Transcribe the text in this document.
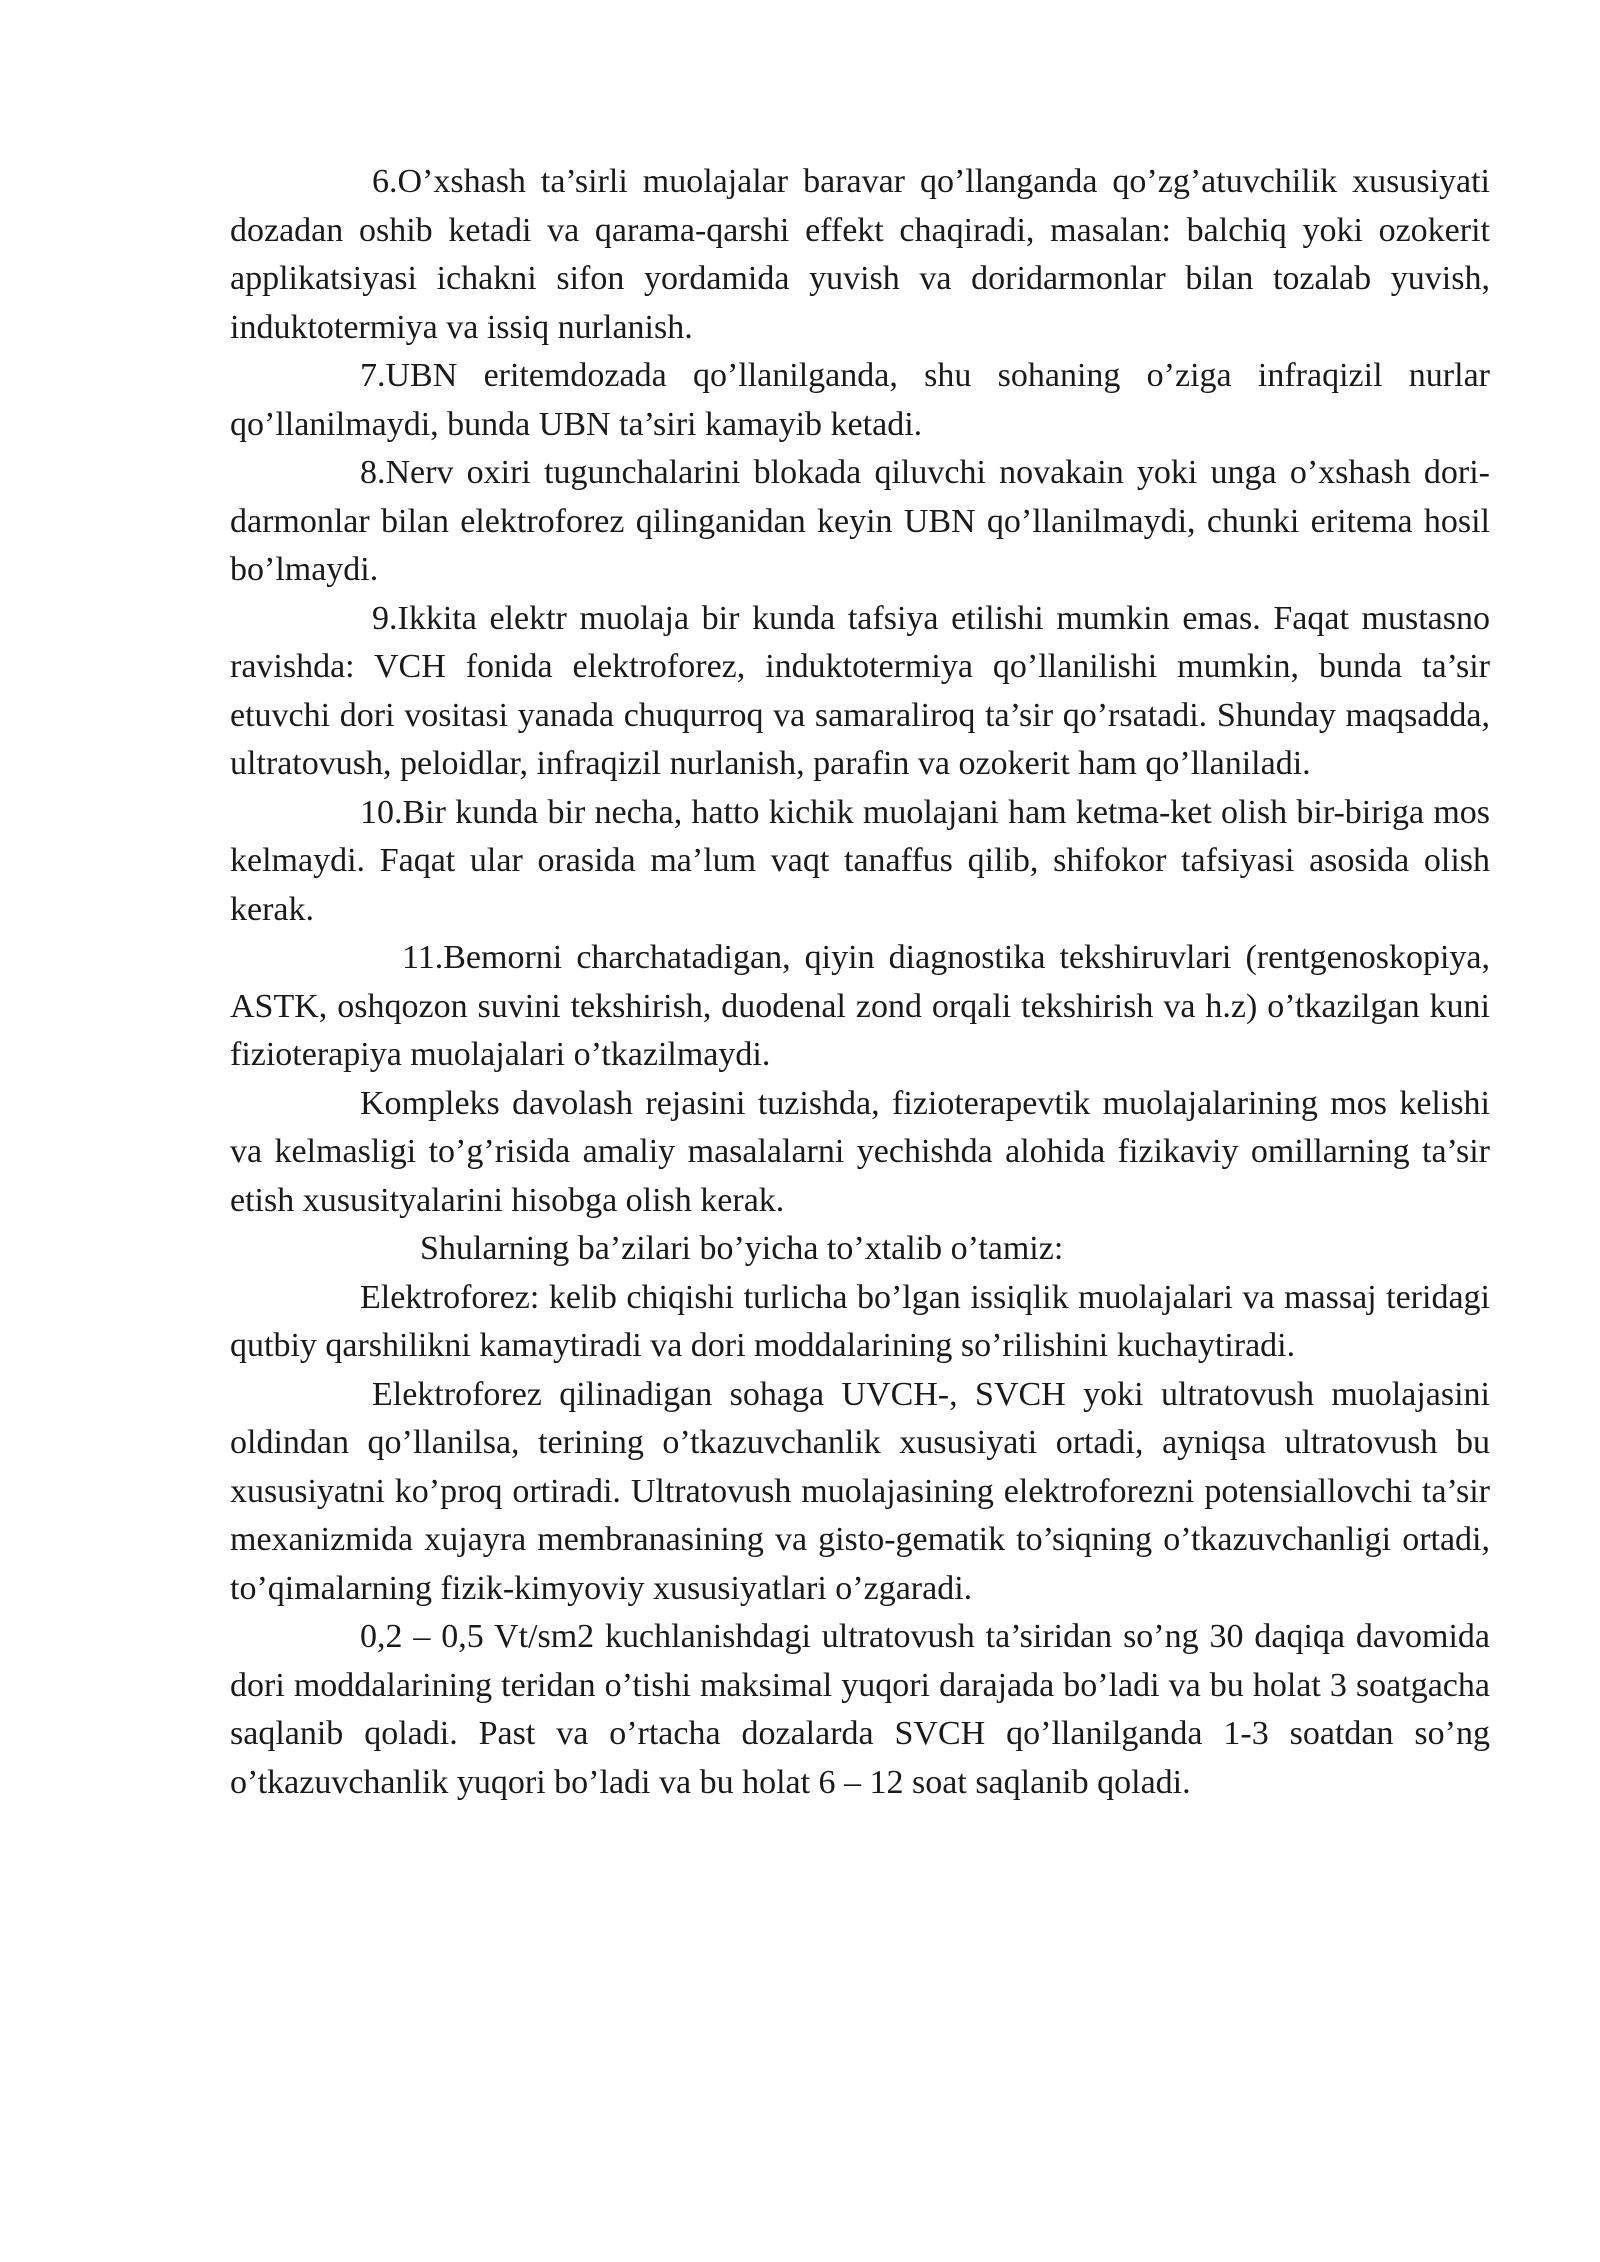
6.O’xshash ta’sirli muolajalar baravar qo’llanganda qo’zg’atuvchilik xususiyati dozadan oshib ketadi va qarama-qarshi effekt chaqiradi, masalan: balchiq yoki ozokerit applikatsiyasi ichakni sifon yordamida yuvish va doridarmonlar bilan tozalab yuvish, induktotermiya va issiq nurlanish.

7.UBN eritemdozada qo’llanilganda, shu sohaning o’ziga infraqizil nurlar qo’llanilmaydi, bunda UBN ta’siri kamayib ketadi.

8.Nerv oxiri tugunchalarini blokada qiluvchi novakain yoki unga o’xshash dori-darmonlar bilan elektroforez qilinganidan keyin UBN qo’llanilmaydi, chunki eritema hosil bo’lmaydi.

9.Ikkita elektr muolaja bir kunda tafsiya etilishi mumkin emas. Faqat mustasno ravishda: VCH fonida elektroforez, induktotermiya qo’llanilishi mumkin, bunda ta’sir etuvchi dori vositasi yanada chuqurroq va samaraliroq ta’sir qo’rsatadi. Shunday maqsadda, ultratovush, peloidlar, infraqizil nurlanish, parafin va ozokerit ham qo’llaniladi.

10.Bir kunda bir necha, hatto kichik muolajani ham ketma-ket olish bir-biriga mos kelmaydi. Faqat ular orasida ma’lum vaqt tanaffus qilib, shifokor tafsiyasi asosida olish kerak.

11.Bemorni charchatadigan, qiyin diagnostika tekshiruvlari (rentgenoskopiya, ASTK, oshqozon suvini tekshirish, duodenal zond orqali tekshirish va h.z) o’tkazilgan kuni fizioterapiya muolajalari o’tkazilmaydi.

Kompleks davolash rejasini tuzishda, fizioterapevtik muolajalarining mos kelishi va kelmasligi to’g’risida amaliy masalalarni yechishda alohida fizikaviy omillarning ta’sir etish xususityalarini hisobga olish kerak.

Shularning ba’zilari bo’yicha to’xtalib o’tamiz:

Elektroforez: kelib chiqishi turlicha bo’lgan issiqlik muolajalari va massaj teridagi qutbiy qarshilikni kamaytiradi va dori moddalarining so’rilishini kuchaytiradi.

Elektroforez qilinadigan sohaga UVCH-, SVCH yoki ultratovush muolajasini oldindan qo’llanilsa, terining o’tkazuvchanlik xususiyati ortadi, ayniqsa ultratovush bu xususiyatni ko’proq ortiradi. Ultratovush muolajasining elektroforezni potensiallovchi ta’sir mexanizmida xujayra membranasining va gisto-gematik to’siqning o’tkazuvchanligi ortadi, to’qimalarning fizik-kimyoviy xususiyatlari o’zgaradi.

0,2 – 0,5 Vt/sm2 kuchlanishdagi ultratovush ta’siridan so’ng 30 daqiqa davomida dori moddalarining teridan o’tishi maksimal yuqori darajada bo’ladi va bu holat 3 soatgacha saqlanib qoladi. Past va o’rtacha dozalarda SVCH qo’llanilganda 1-3 soatdan so’ng o’tkazuvchanlik yuqori bo’ladi va bu holat 6 – 12 soat saqlanib qoladi.
